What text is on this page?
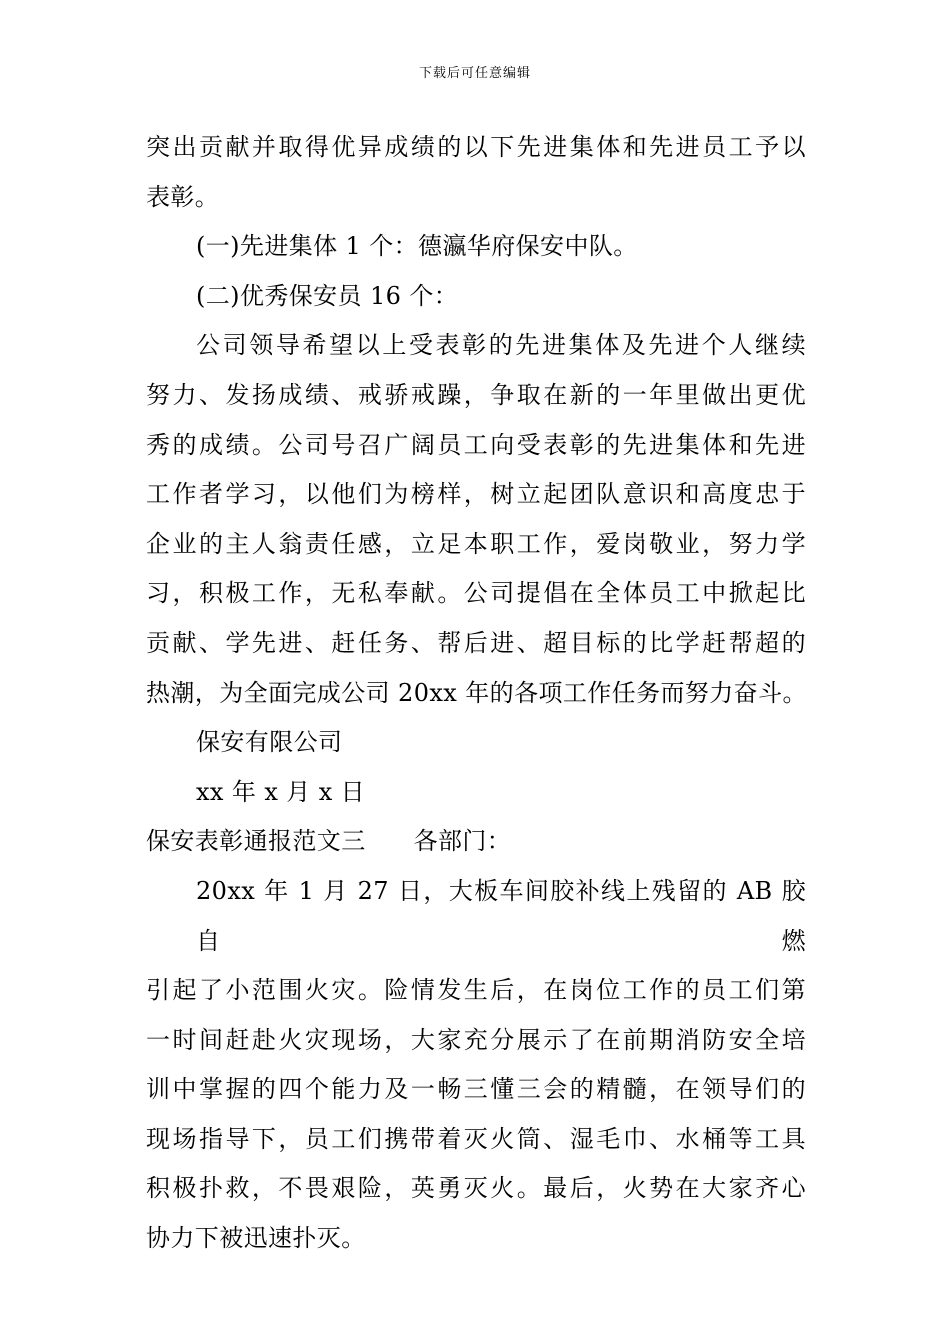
下载后可任意编辑

突出贡献并取得优异成绩的以下先进集体和先进员工予以
表彰。

(一)先进集体 1 个：德瀛华府保安中队。

(二)优秀保安员 16 个：

公司领导希望以上受表彰的先进集体及先进个人继续
努力、发扬成绩、戒骄戒躁，争取在新的一年里做出更优
秀的成绩。公司号召广阔员工向受表彰的先进集体和先进
工作者学习，以他们为榜样，树立起团队意识和高度忠于
企业的主人翁责任感，立足本职工作，爱岗敬业，努力学
习，积极工作，无私奉献。公司提倡在全体员工中掀起比
贡献、学先进、赶任务、帮后进、超目标的比学赶帮超的
热潮，为全面完成公司 20xx 年的各项工作任务而努力奋斗。

保安有限公司

xx 年 x 月 x 日

保安表彰通报范文三 各部门：

20xx 年 1 月 27 日，大板车间胶补线上残留的 AB 胶自燃
引起了小范围火灾。险情发生后，在岗位工作的员工们第
一时间赶赴火灾现场，大家充分展示了在前期消防安全培
训中掌握的四个能力及一畅三懂三会的精髓，在领导们的
现场指导下，员工们携带着灭火筒、湿毛巾、水桶等工具
积极扑救，不畏艰险，英勇灭火。最后，火势在大家齐心
协力下被迅速扑灭。
